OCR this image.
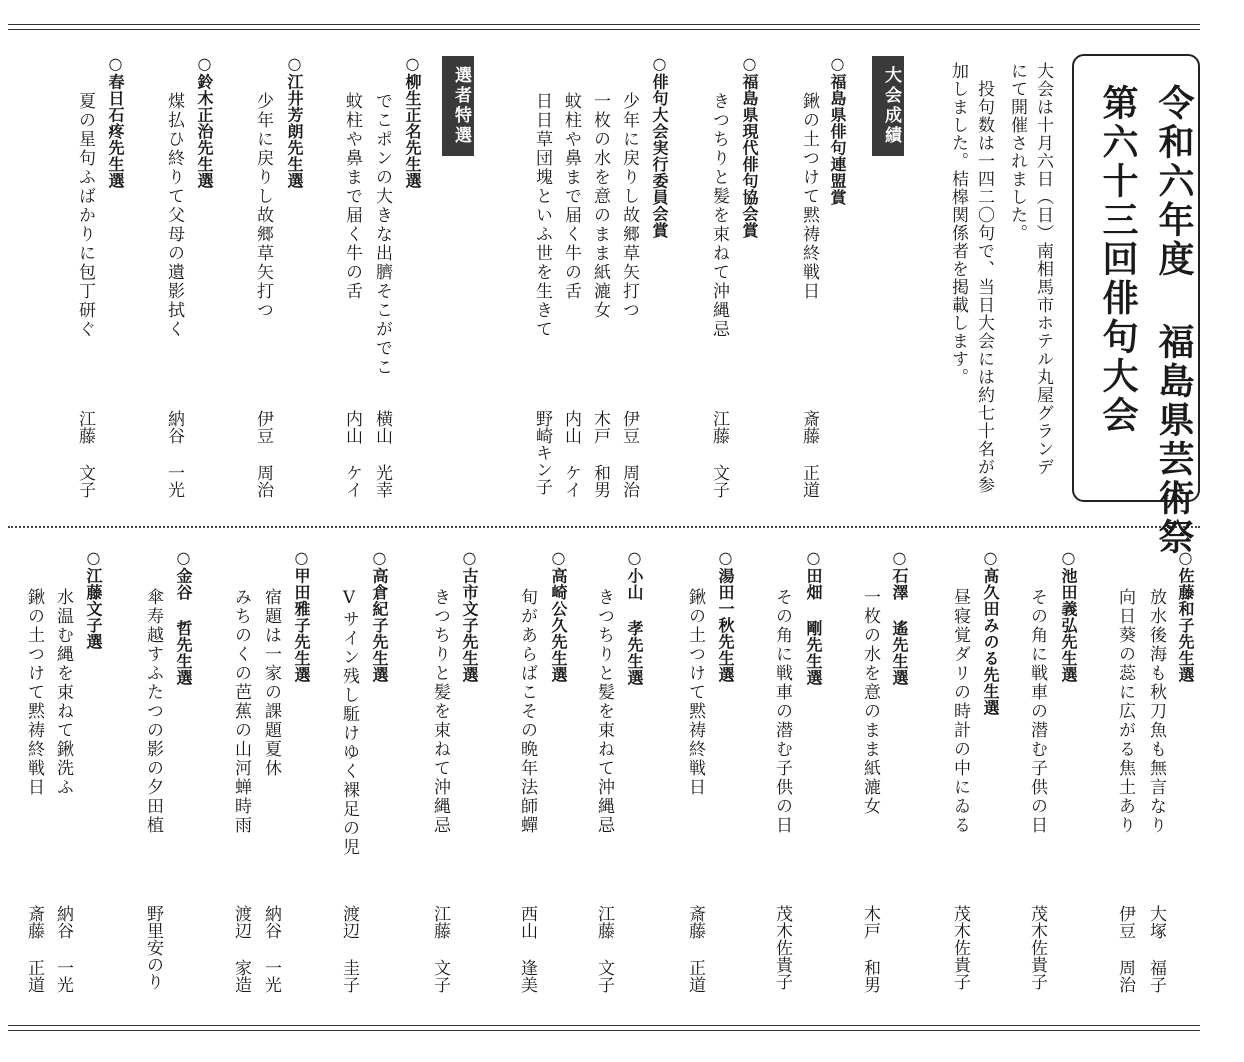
令和六年度 福島県芸術祭
第六十三回俳句大会
大会は十月六日（日）南相馬市ホテル丸屋グランデ
にて開催されました。
投句数は一四二〇句で、当日大会には約七十名が参
加しました。桔槔関係者を掲載します。
大会成績
○福島県俳句連盟賞
鍬の土つけて黙祷終戦日
斎藤 正道
○福島県現代俳句協会賞
きつちりと髪を束ねて沖縄忌
江藤 文子
○俳句大会実行委員会賞
少年に戻りし故郷草矢打つ
伊豆 周治
一枚の水を意のまま紙漉女
木戸 和男
蚊柱や鼻まで届く牛の舌
内山 ケイ
日日草団塊といふ世を生きて
野崎キン子
選者特選
○柳生正名先生選
でこポンの大きな出臍そこがでこ
横山 光幸
蚊柱や鼻まで届く牛の舌
内山 ケイ
○江井芳朗先生選
少年に戻りし故郷草矢打つ
伊豆 周治
○鈴木正治先生選
煤払ひ終りて父母の遺影拭く
納谷 一光
○春日石疼先生選
夏の星句ふばかりに包丁研ぐ
江藤 文子
○佐藤和子先生選
放水後海も秋刀魚も無言なり
大塚 福子
向日葵の蕊に広がる焦土あり
伊豆 周治
○池田義弘先生選
その角に戦車の潜む子供の日
茂木佐貴子
○髙久田みのる先生選
昼寝覚ダリの時計の中にゐる
茂木佐貴子
○石澤 遙先生選
一枚の水を意のまま紙漉女
木戸 和男
○田畑 剛先生選
その角に戦車の潜む子供の日
茂木佐貴子
○湯田一秋先生選
鍬の土つけて黙祷終戦日
斎藤 正道
○小山 孝先生選
きつちりと髪を束ねて沖縄忌
江藤 文子
○高崎公久先生選
旬があらばこその晩年法師蟬
西山 逢美
○古市文子先生選
きつちりと髪を束ねて沖縄忌
江藤 文子
○高倉紀子先生選
Vサイン残し駈けゆく裸足の児
渡辺 圭子
○甲田雅子先生選
宿題は一家の課題夏休
納谷 一光
みちのくの芭蕉の山河蝉時雨
渡辺 家造
○金谷 哲先生選
傘寿越すふたつの影の夕田植
野里安のり
○江藤文子選
水温む縄を束ねて鍬洗ふ
納谷 一光
鍬の土つけて黙祷終戦日
斎藤 正道
